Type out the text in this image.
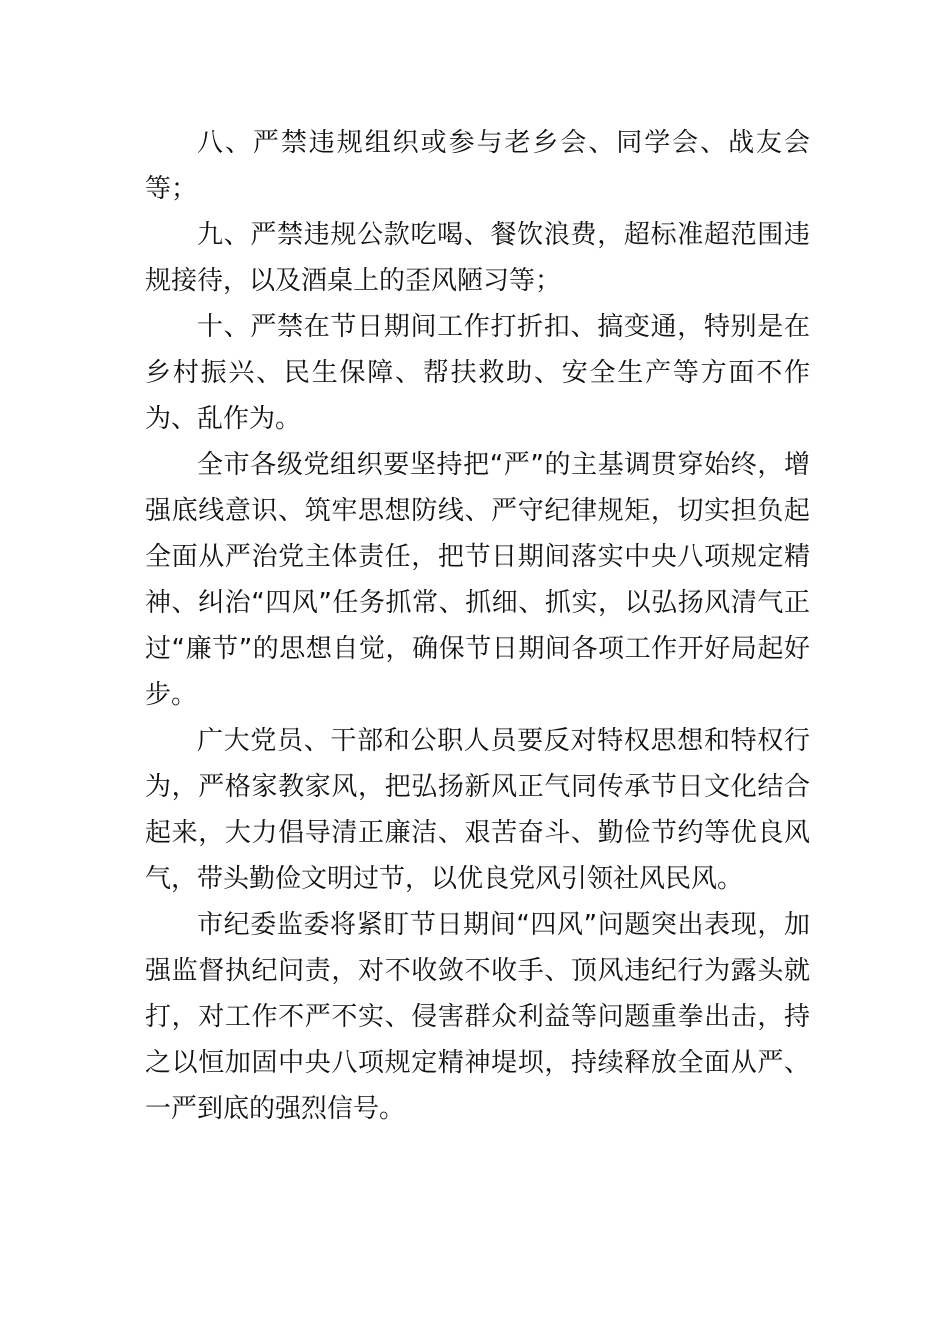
八、严禁违规组织或参与老乡会、同学会、战友会等；

九、严禁违规公款吃喝、餐饮浪费，超标准超范围违规接待，以及酒桌上的歪风陋习等；

十、严禁在节日期间工作打折扣、搞变通，特别是在乡村振兴、民生保障、帮扶救助、安全生产等方面不作为、乱作为。

全市各级党组织要坚持把“严”的主基调贯穿始终，增强底线意识、筑牢思想防线、严守纪律规矩，切实担负起全面从严治党主体责任，把节日期间落实中央八项规定精神、纠治“四风”任务抓常、抓细、抓实，以弘扬风清气正过“廉节”的思想自觉，确保节日期间各项工作开好局起好步。

广大党员、干部和公职人员要反对特权思想和特权行为，严格家教家风，把弘扬新风正气同传承节日文化结合起来，大力倡导清正廉洁、艰苦奋斗、勤俭节约等优良风气，带头勤俭文明过节，以优良党风引领社风民风。

市纪委监委将紧盯节日期间“四风”问题突出表现，加强监督执纪问责，对不收敛不收手、顶风违纪行为露头就打，对工作不严不实、侵害群众利益等问题重拳出击，持之以恒加固中央八项规定精神堤坝，持续释放全面从严、一严到底的强烈信号。
